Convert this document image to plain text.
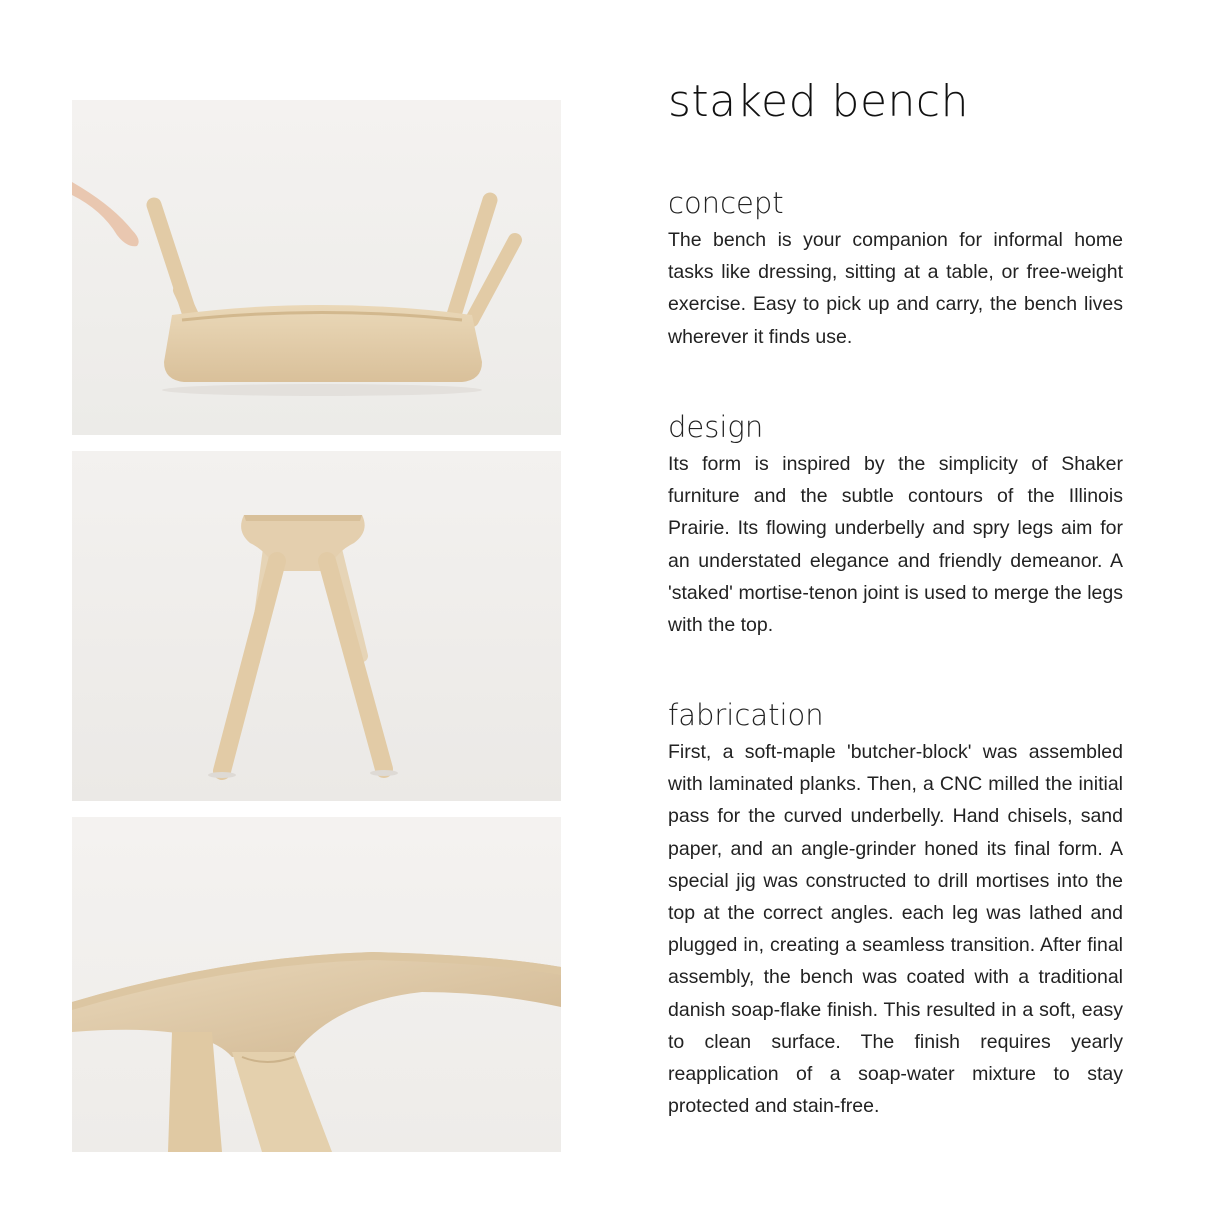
staked bench
concept

The bench is your companion for informal home tasks like dressing, sitting at a table, or free-weight exercise. Easy to pick up and carry, the bench lives wherever it finds use.

design

Its form is inspired by the simplicity of Shaker furniture and the subtle contours of the Illinois Prairie. Its flowing underbelly and spry legs aim for an understated elegance and friendly demeanor. A 'staked' mortise-tenon joint is used to merge the legs with the top.

fabrication

First, a soft-maple 'butcher-block' was assembled with laminated planks. Then, a CNC milled the initial pass for the curved underbelly. Hand chisels, sand paper, and an angle-grinder honed its final form. A special jig was constructed to drill mortises into the top at the correct angles. each leg was lathed and plugged in, creating a seamless transition. After final assembly, the bench was coated with a traditional danish soap-flake finish. This resulted in a soft, easy to clean surface. The finish requires yearly reapplication of a soap-water mixture to stay protected and stain-free.
